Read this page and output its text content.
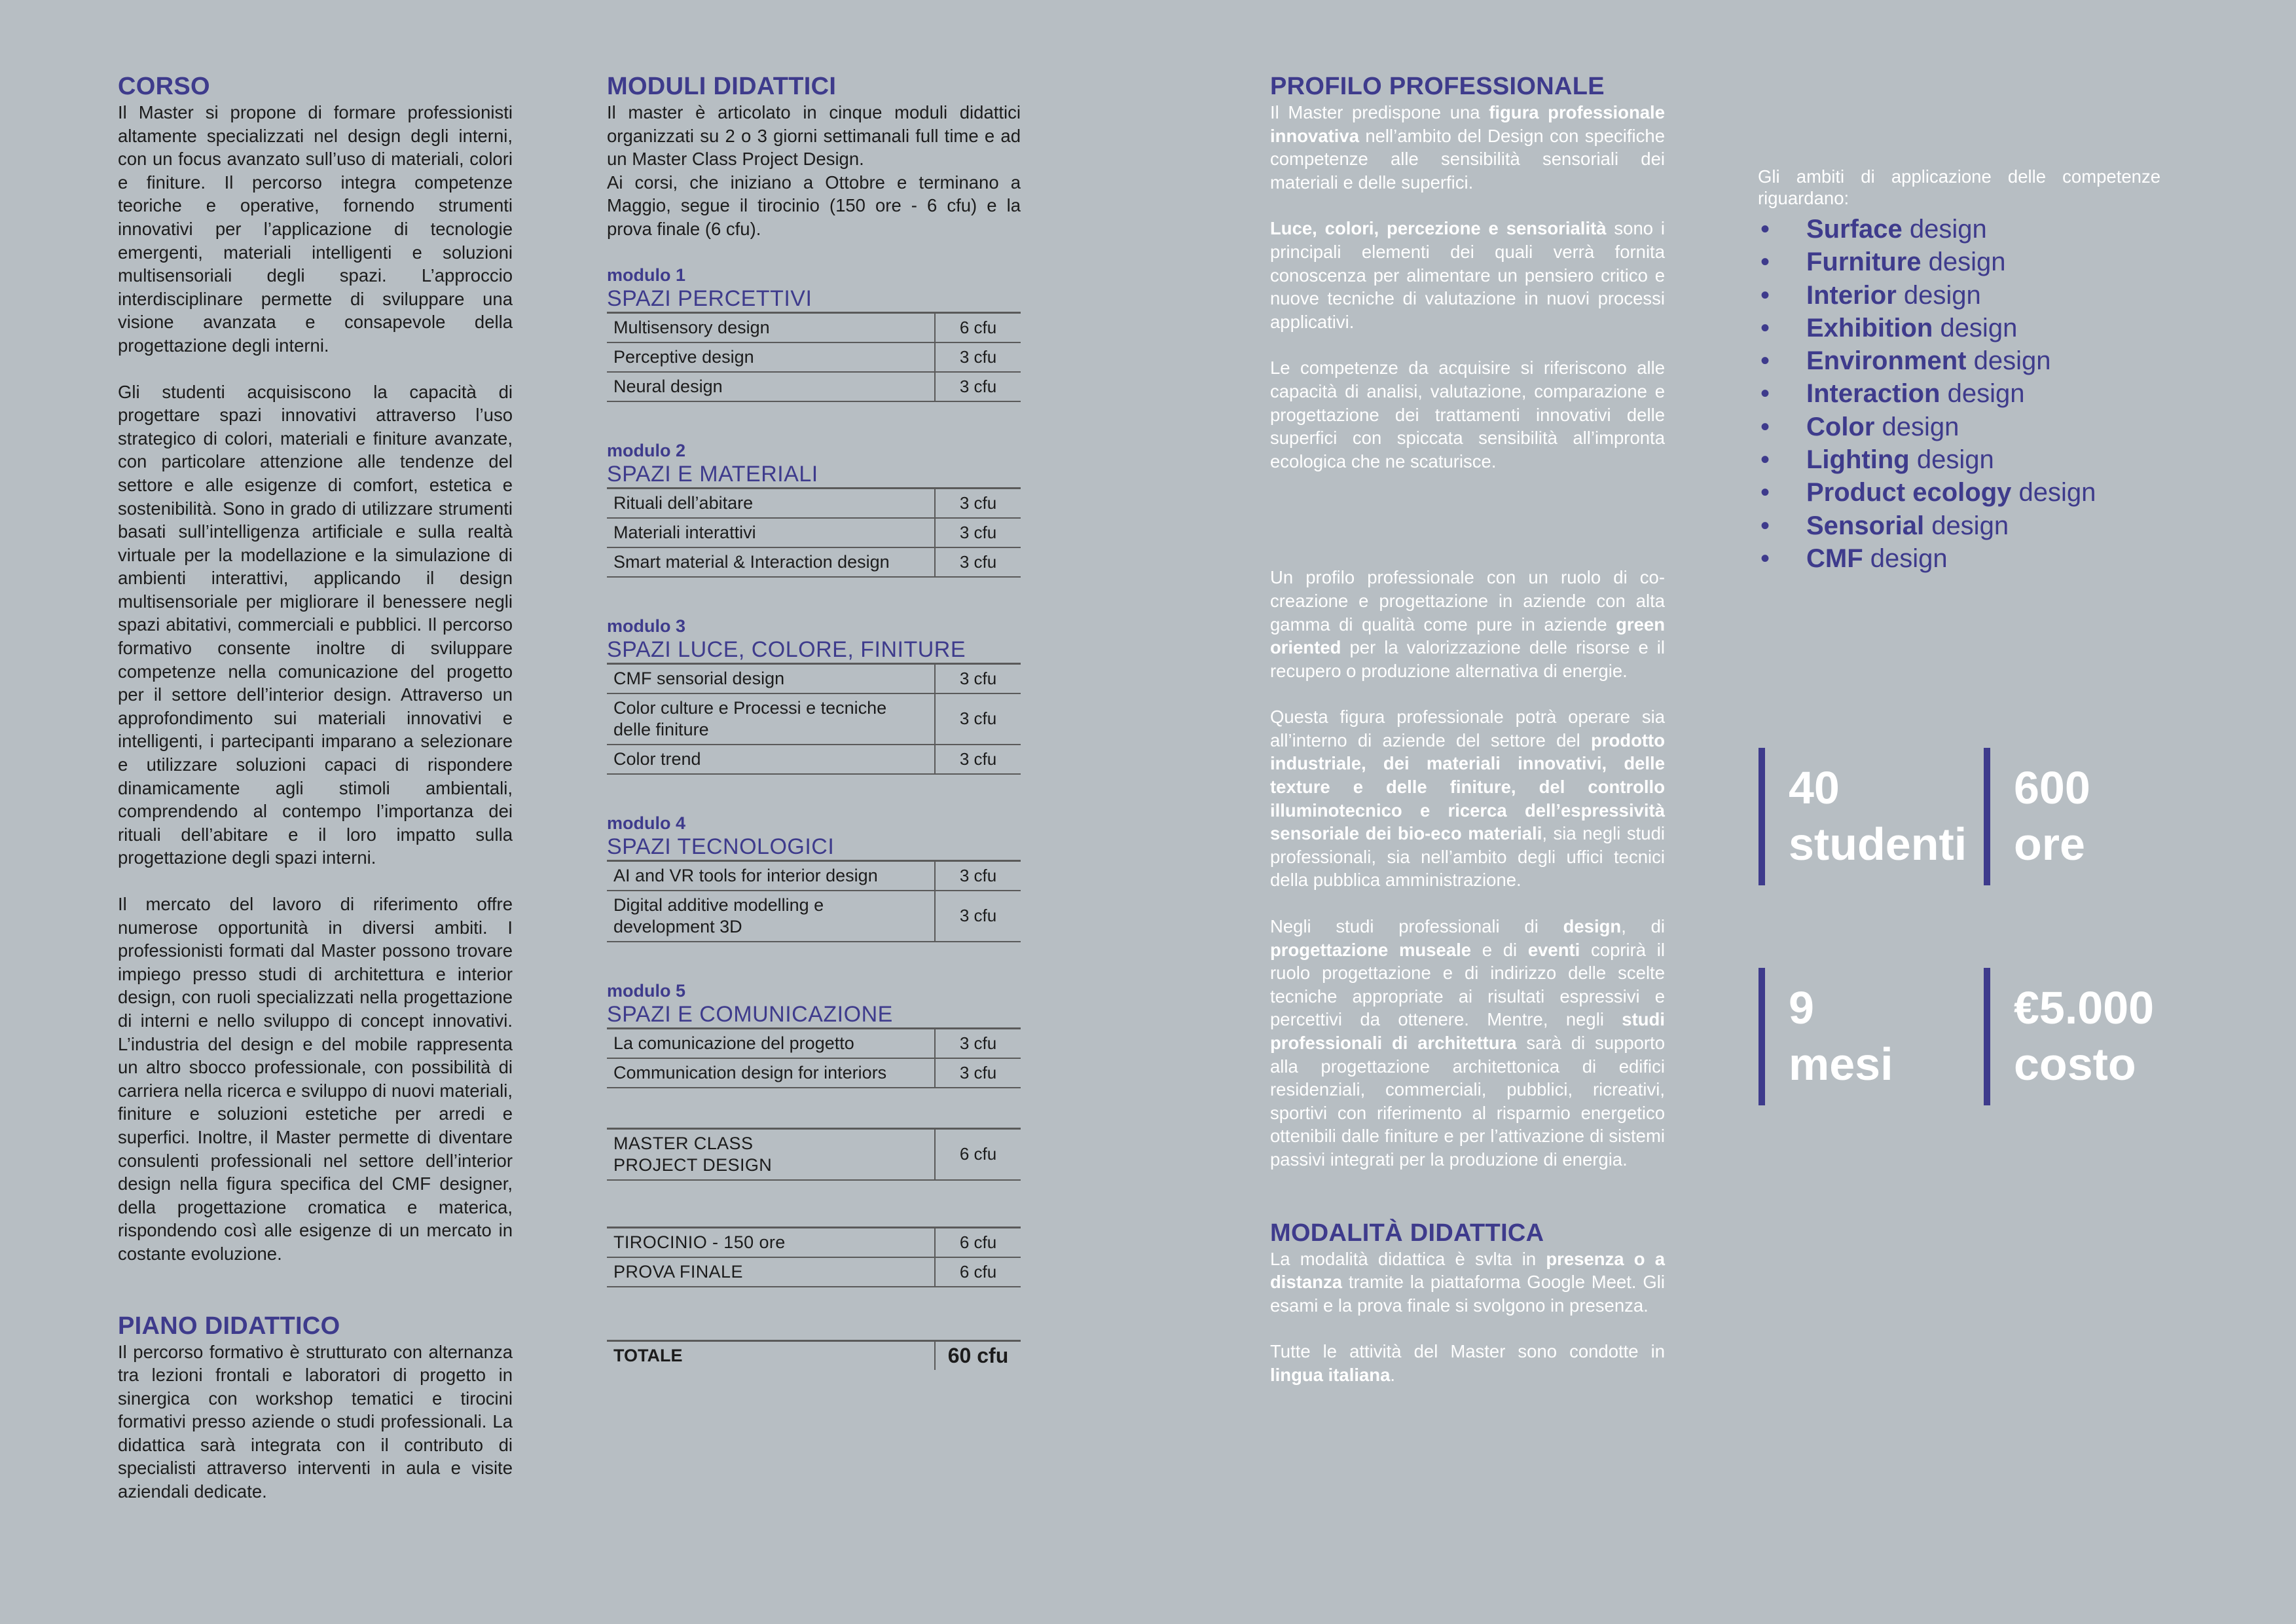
CORSO

Il Master si propone di formare professionisti altamente specializzati nel design degli interni, con un focus avanzato sull’uso di materiali, colori e finiture. Il percorso integra competenze teoriche e operative, fornendo strumenti innovativi per l’applicazione di tecnologie emergenti, materiali intelligenti e soluzioni multisensoriali degli spazi. L’approccio interdisciplinare permette di sviluppare una visione avanzata e consapevole della progettazione degli interni.

Gli studenti acquisiscono la capacità di progettare spazi innovativi attraverso l’uso strategico di colori, materiali e finiture avanzate, con particolare attenzione alle tendenze del settore e alle esigenze di comfort, estetica e sostenibilità. Sono in grado di utilizzare strumenti basati sull’intelligenza artificiale e sulla realtà virtuale per la modellazione e la simulazione di ambienti interattivi, applicando il design multisensoriale per migliorare il benessere negli spazi abitativi, commerciali e pubblici. Il percorso formativo consente inoltre di sviluppare competenze nella comunicazione del progetto per il settore dell’interior design. Attraverso un approfondimento sui materiali innovativi e intelligenti, i partecipanti imparano a selezionare e utilizzare soluzioni capaci di rispondere dinamicamente agli stimoli ambientali, comprendendo al contempo l’importanza dei rituali dell’abitare e il loro impatto sulla progettazione degli spazi interni.

Il mercato del lavoro di riferimento offre numerose opportunità in diversi ambiti. I professionisti formati dal Master possono trovare impiego presso studi di architettura e interior design, con ruoli specializzati nella progettazione di interni e nello sviluppo di concept innovativi. L’industria del design e del mobile rappresenta un altro sbocco professionale, con possibilità di carriera nella ricerca e sviluppo di nuovi materiali, finiture e soluzioni estetiche per arredi e superfici. Inoltre, il Master permette di diventare consulenti professionali nel settore dell’interior design nella figura specifica del CMF designer, della progettazione cromatica e materica, rispondendo così alle esigenze di un mercato in costante evoluzione.

PIANO DIDATTICO

Il percorso formativo è strutturato con alternanza tra lezioni frontali e laboratori di progetto in sinergica con workshop tematici e tirocini formativi presso aziende o studi professionali. La didattica sarà integrata con il contributo di specialisti attraverso interventi in aula e visite aziendali dedicate.

MODULI DIDATTICI

Il master è articolato in cinque moduli didattici organizzati su 2 o 3 giorni settimanali full time e ad un Master Class Project Design.

Ai corsi, che iniziano a Ottobre e terminano a Maggio, segue il tirocinio (150 ore - 6 cfu) e la prova finale (6 cfu).

modulo 1
SPAZI PERCETTIVI
Multisensory design	6 cfu
Perceptive design	3 cfu
Neural design	3 cfu
modulo 2
SPAZI E MATERIALI
Rituali dell’abitare	3 cfu
Materiali interattivi	3 cfu
Smart material & Interaction design	3 cfu
modulo 3
SPAZI LUCE, COLORE, FINITURE
CMF sensorial design	3 cfu
Color culture e Processi e tecniche delle finiture	3 cfu
Color trend	3 cfu
modulo 4
SPAZI TECNOLOGICI
AI and VR tools for interior design	3 cfu
Digital additive modelling e development 3D	3 cfu
modulo 5
SPAZI E COMUNICAZIONE
La comunicazione del progetto	3 cfu
Communication design for interiors	3 cfu
MASTER CLASS
PROJECT DESIGN
	6 cfu
TIROCINIO - 150 ore	6 cfu
PROVA FINALE	6 cfu
TOTALE	60 cfu
PROFILO PROFESSIONALE

Il Master predispone una figura professionale innovativa nell’ambito del Design con specifiche competenze alle sensibilità sensoriali dei materiali e delle superfici.

Luce, colori, percezione e sensorialità sono i principali elementi dei quali verrà fornita conoscenza per alimentare un pensiero critico e nuove tecniche di valutazione in nuovi processi applicativi.

Le competenze da acquisire si riferiscono alle capacità di analisi, valutazione, comparazione e progettazione dei trattamenti innovativi delle superfici con spiccata sensibilità all’impronta ecologica che ne scaturisce.

Un profilo professionale con un ruolo di co-creazione e progettazione in aziende con alta gamma di qualità come pure in aziende green oriented per la valorizzazione delle risorse e il recupero o produzione alternativa di energie.

Questa figura professionale potrà operare sia all’interno di aziende del settore del prodotto industriale, dei materiali innovativi, delle texture e delle finiture, del controllo illuminotecnico e ricerca dell’espressività sensoriale dei bio-eco materiali, sia negli studi professionali, sia nell’ambito degli uffici tecnici della pubblica amministrazione.

Negli studi professionali di design, di progettazione museale e di eventi coprirà il ruolo progettazione e di indirizzo delle scelte tecniche appropriate ai risultati espressivi e percettivi da ottenere. Mentre, negli studi professionali di architettura sarà di supporto alla progettazione architettonica di edifici residenziali, commerciali, pubblici, ricreativi, sportivi con riferimento al risparmio energetico ottenibili dalle finiture e per l’attivazione di sistemi passivi integrati per la produzione di energia.

MODALITÀ DIDATTICA

La modalità didattica è svlta in presenza o a distanza tramite la piattaforma Google Meet. Gli esami e la prova finale si svolgono in presenza.

Tutte le attività del Master sono condotte in lingua italiana.

Gli ambiti di applicazione delle competenze riguardano:
• Surface design
• Furniture design
• Interior design
• Exhibition design
• Environment design
• Interaction design
• Color design
• Lighting design
• Product ecology design
• Sensorial design
• CMF design
40
studenti
600
ore
9
mesi
€5.000
costo
